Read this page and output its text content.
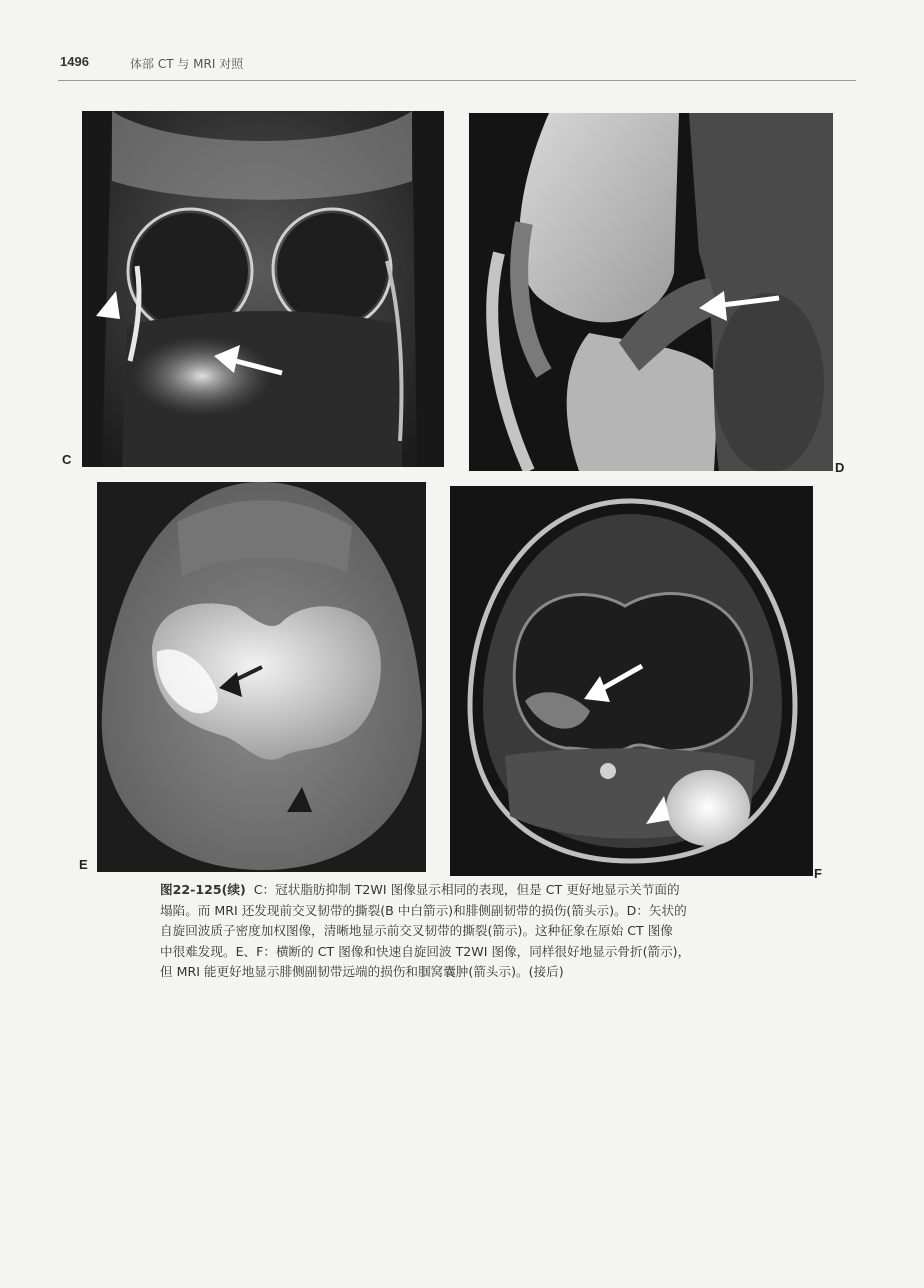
1496	体部 CT 与 MRI 对照
C
D
E
F

图22-125(续) C：冠状脂肪抑制 T2WI 图像显示相同的表现，但是 CT 更好地显示关节面的

塌陷。而 MRI 还发现前交叉韧带的撕裂(B 中白箭示)和腓侧副韧带的损伤(箭头示)。D：矢状的

自旋回波质子密度加权图像，清晰地显示前交叉韧带的撕裂(箭示)。这种征象在原始 CT 图像

中很难发现。E、F：横断的 CT 图像和快速自旋回波 T2WI 图像，同样很好地显示骨折(箭示)，

但 MRI 能更好地显示腓侧副韧带远端的损伤和腘窝囊肿(箭头示)。(接后)
